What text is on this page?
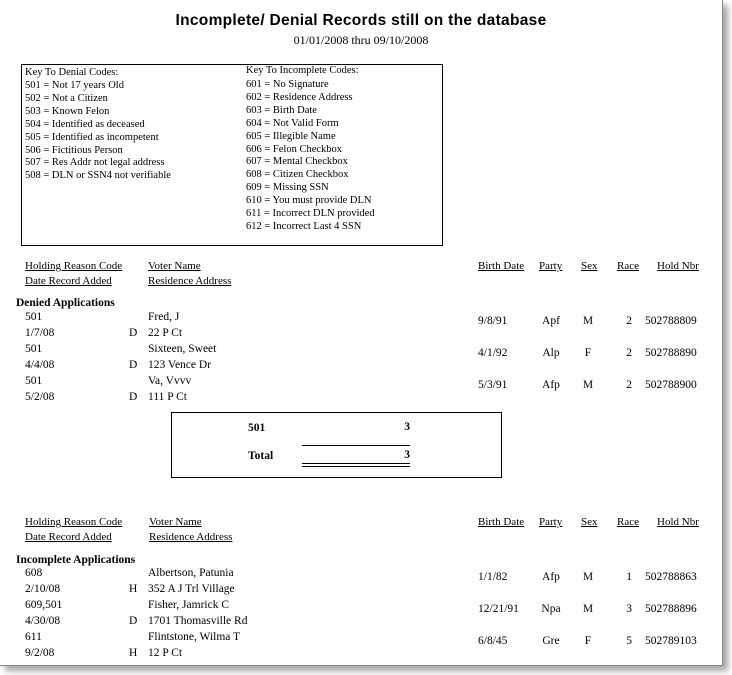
Incomplete/ Denial Records still on the database
01/01/2008 thru 09/10/2008
Key To Denial Codes:
501 = Not 17 years Old
502 = Not a Citizen
503 = Known Felon
504 = Identified as deceased
505 = Identified as incompetent
506 = Fictitious Person
507 = Res Addr not legal address
508 = DLN or SSN4 not verifiable
Key To Incomplete Codes:
601 = No Signature
602 = Residence Address
603 = Birth Date
604 = Not Valid Form
605 = Illegible Name
606 = Felon Checkbox
607 = Mental Checkbox
608 = Citizen Checkbox
609 = Missing SSN
610 = You must provide DLN
611 = Incorrect DLN provided
612 = Incorrect Last 4 SSN
Holding Reason Code
Date Record Added
Voter Name
Residence Address
Birth Date Party Sex Race Hold Nbr
Denied Applications
501	Fred, J	9/8/91	Apf	M	2 502788809
1/7/08	D 22 P Ct
501	Sixteen, Sweet	4/1/92	Alp	F	2 502788890
4/4/08	D 123 Vence Dr
501	Va, Vvvv	5/3/91	Afp	M	2 502788900
5/2/08	D 111 P Ct
501	3
Total	3
Holding Reason Code
Date Record Added
Voter Name
Residence Address
Birth Date Party Sex Race Hold Nbr
Incomplete Applications
608	Albertson, Patunia	1/1/82	Afp	M	1 502788863
2/10/08	H 352 A J Trl Village
609,501	Fisher, Jamrick C	12/21/91	Npa	M	3 502788896
4/30/08	D 1701 Thomasville Rd
611	Flintstone, Wilma T	6/8/45	Gre	F	5 502789103
9/2/08	H 12 P Ct
